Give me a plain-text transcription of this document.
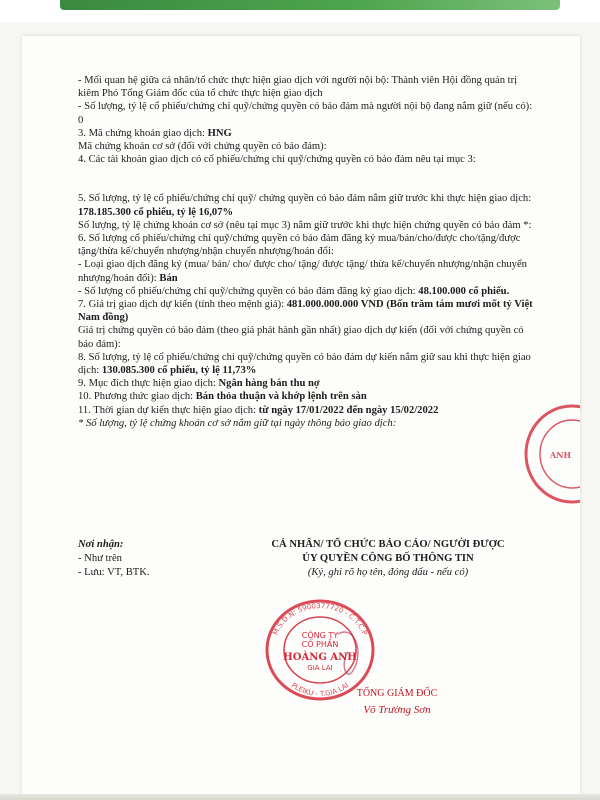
- Mối quan hệ giữa cá nhân/tổ chức thực hiện giao dịch với người nội bộ: Thành viên Hội đồng quản trị kiêm Phó Tổng Giám đốc của tổ chức thực hiện giao dịch

- Số lượng, tỷ lệ cổ phiếu/chứng chỉ quỹ/chứng quyền có bảo đảm mà người nội bộ đang nắm giữ (nếu có): 0

3. Mã chứng khoán giao dịch: HNG

Mã chứng khoán cơ sở (đối với chứng quyền có bảo đảm):

4. Các tài khoản giao dịch có cổ phiếu/chứng chỉ quỹ/chứng quyền có bảo đảm nêu tại mục 3:

5. Số lượng, tỷ lệ cổ phiếu/chứng chỉ quỹ/ chứng quyền có bảo đảm nắm giữ trước khi thực hiện giao dịch: 178.185.300 cổ phiếu, tỷ lệ 16,07%

Số lượng, tỷ lệ chứng khoán cơ sở (nêu tại mục 3) nắm giữ trước khi thực hiện chứng quyền có bảo đảm *:

6. Số lượng cổ phiếu/chứng chỉ quỹ/chứng quyền có bảo đảm đăng ký mua/bán/cho/được cho/tặng/được tặng/thừa kế/chuyển nhượng/nhận chuyển nhượng/hoán đổi:

- Loại giao dịch đăng ký (mua/ bán/ cho/ được cho/ tặng/ được tặng/ thừa kế/chuyển nhượng/nhận chuyển nhượng/hoán đổi): Bán

- Số lượng cổ phiếu/chứng chỉ quỹ/chứng quyền có bảo đảm đăng ký giao dịch: 48.100.000 cổ phiếu.

7. Giá trị giao dịch dự kiến (tính theo mệnh giá): 481.000.000.000 VND (Bốn trăm tám mươi mốt tỷ Việt Nam đồng)

Giá trị chứng quyền có bảo đảm (theo giá phát hành gần nhất) giao dịch dự kiến (đối với chứng quyền có bảo đảm):

8. Số lượng, tỷ lệ cổ phiếu/chứng chỉ quỹ/chứng quyền có bảo đảm dự kiến nắm giữ sau khi thực hiện giao dịch: 130.085.300 cổ phiếu, tỷ lệ 11,73%

9. Mục đích thực hiện giao dịch: Ngân hàng bán thu nợ

10. Phương thức giao dịch: Bán thỏa thuận và khớp lệnh trên sàn

11. Thời gian dự kiến thực hiện giao dịch: từ ngày 17/01/2022 đến ngày 15/02/2022

* Số lượng, tỷ lệ chứng khoán cơ sở nắm giữ tại ngày thông báo giao dịch:

Nơi nhận:
- Như trên
- Lưu: VT, BTK.
CÁ NHÂN/ TỔ CHỨC BÁO CÁO/ NGƯỜI ĐƯỢC
ỦY QUYỀN CÔNG BỐ THÔNG TIN
(Ký, ghi rõ họ tên, đóng dấu - nếu có)
M.S.D.N: 5900377720 - C.T.C.P
PLEIKU - T.GIA LAI
CÔNG TY
CỔ PHẦN
HOÀNG ANH
GIA LAI
TỔNG GIÁM ĐỐC
Võ Trường Sơn
ANH
